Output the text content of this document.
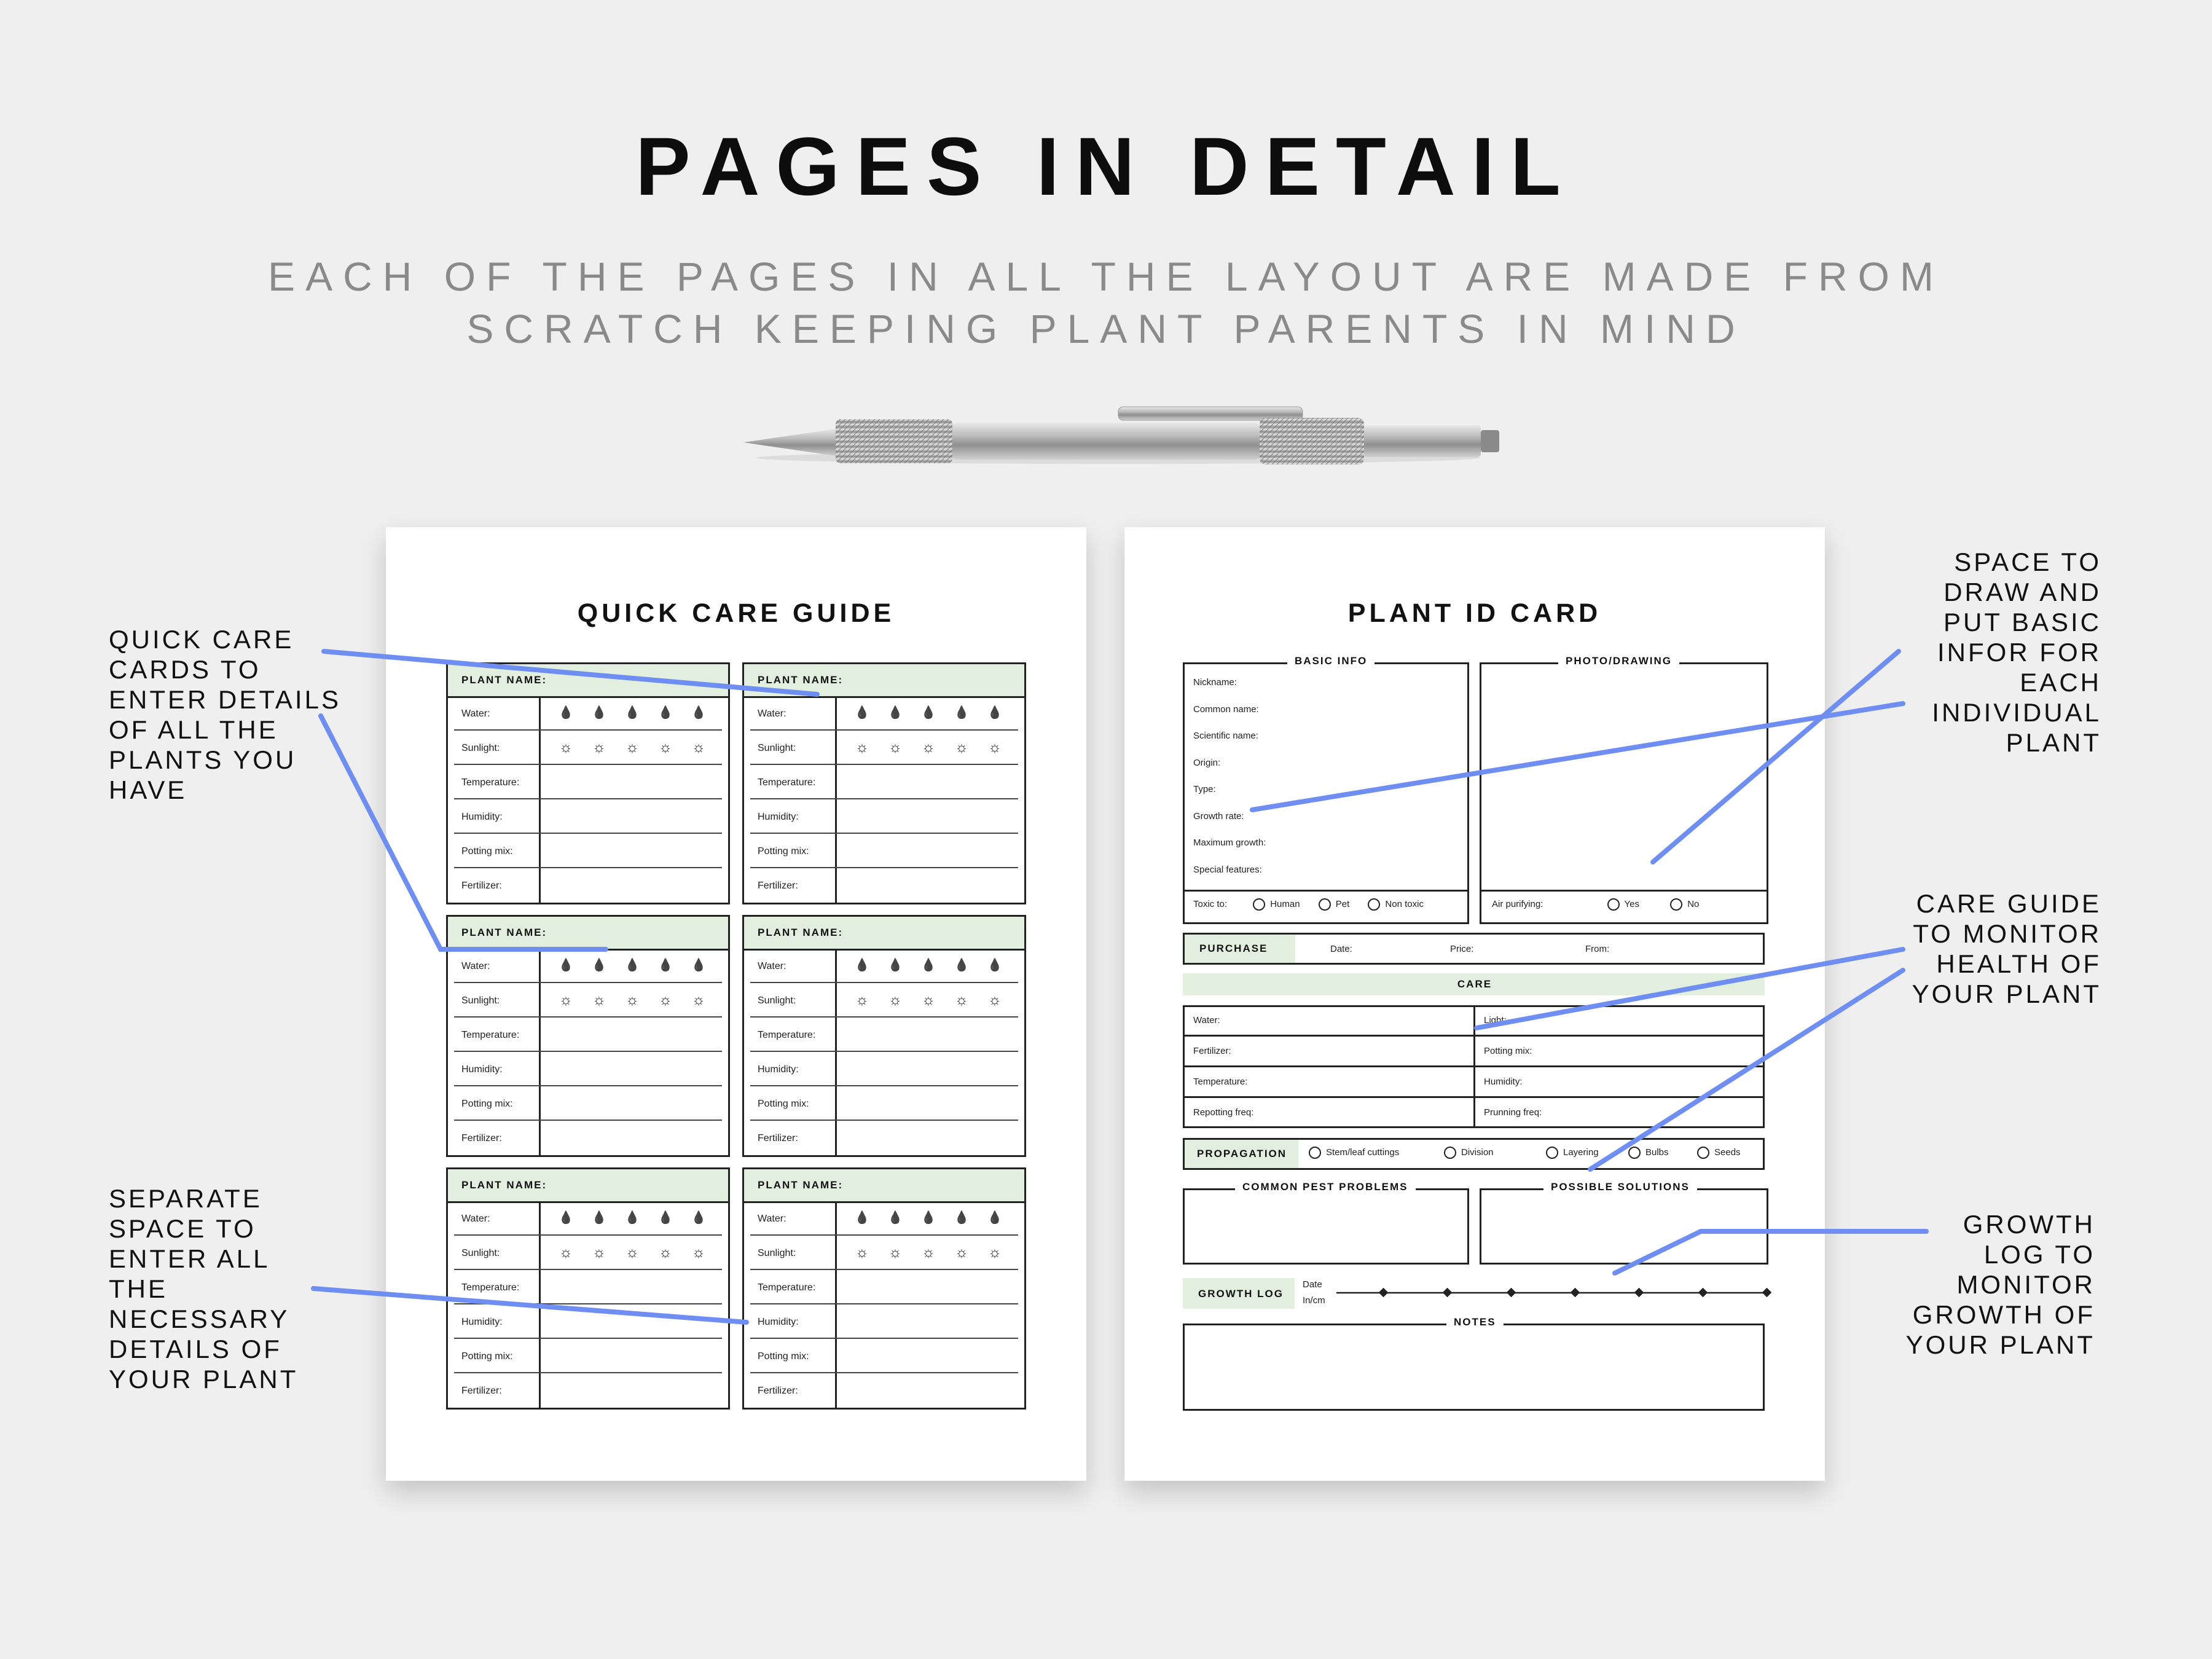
PAGES IN DETAIL
EACH OF THE PAGES IN ALL THE LAYOUT ARE MADE FROM
SCRATCH KEEPING PLANT PARENTS IN MIND
QUICK CARE GUIDE
PLANT NAME:
Water:	💧 💧 💧 💧 💧
Sunlight:	☼ ☼ ☼ ☼ ☼
Temperature:
Humidity:
Potting mix:
Fertilizer:
PLANT NAME:
Water:	💧 💧 💧 💧 💧
Sunlight:	☼ ☼ ☼ ☼ ☼
Temperature:
Humidity:
Potting mix:
Fertilizer:
PLANT NAME:
Water:	💧 💧 💧 💧 💧
Sunlight:	☼ ☼ ☼ ☼ ☼
Temperature:
Humidity:
Potting mix:
Fertilizer:
PLANT NAME:
Water:	💧 💧 💧 💧 💧
Sunlight:	☼ ☼ ☼ ☼ ☼
Temperature:
Humidity:
Potting mix:
Fertilizer:
PLANT NAME:
Water:	💧 💧 💧 💧 💧
Sunlight:	☼ ☼ ☼ ☼ ☼
Temperature:
Humidity:
Potting mix:
Fertilizer:
PLANT NAME:
Water:	💧 💧 💧 💧 💧
Sunlight:	☼ ☼ ☼ ☼ ☼
Temperature:
Humidity:
Potting mix:
Fertilizer:
PLANT ID CARD
BASIC INFO
Nickname:
Common name:
Scientific name:
Origin:
Type:
Growth rate:
Maximum growth:
Special features:
Toxic to:	Human	Pet	Non toxic
PHOTO/DRAWING
Air purifying:	Yes	No
PURCHASE	Date:	Price:	From:
CARE
Water:	Light:
Fertilizer:	Potting mix:
Temperature:	Humidity:
Repotting freq:	Prunning freq:
PROPAGATION	Stem/leaf cuttings	Division	Layering	Bulbs	Seeds
COMMON PEST PROBLEMS	POSSIBLE SOLUTIONS
GROWTH LOG
Date
In/cm
NOTES
QUICK CARE
CARDS TO
ENTER DETAILS
OF ALL THE
PLANTS YOU
HAVE
SEPARATE
SPACE TO
ENTER ALL
THE
NECESSARY
DETAILS OF
YOUR PLANT
SPACE TO
DRAW AND
PUT BASIC
INFOR FOR
EACH
INDIVIDUAL
PLANT
CARE GUIDE
TO MONITOR
HEALTH OF
YOUR PLANT
GROWTH
LOG TO
MONITOR
GROWTH OF
YOUR PLANT
